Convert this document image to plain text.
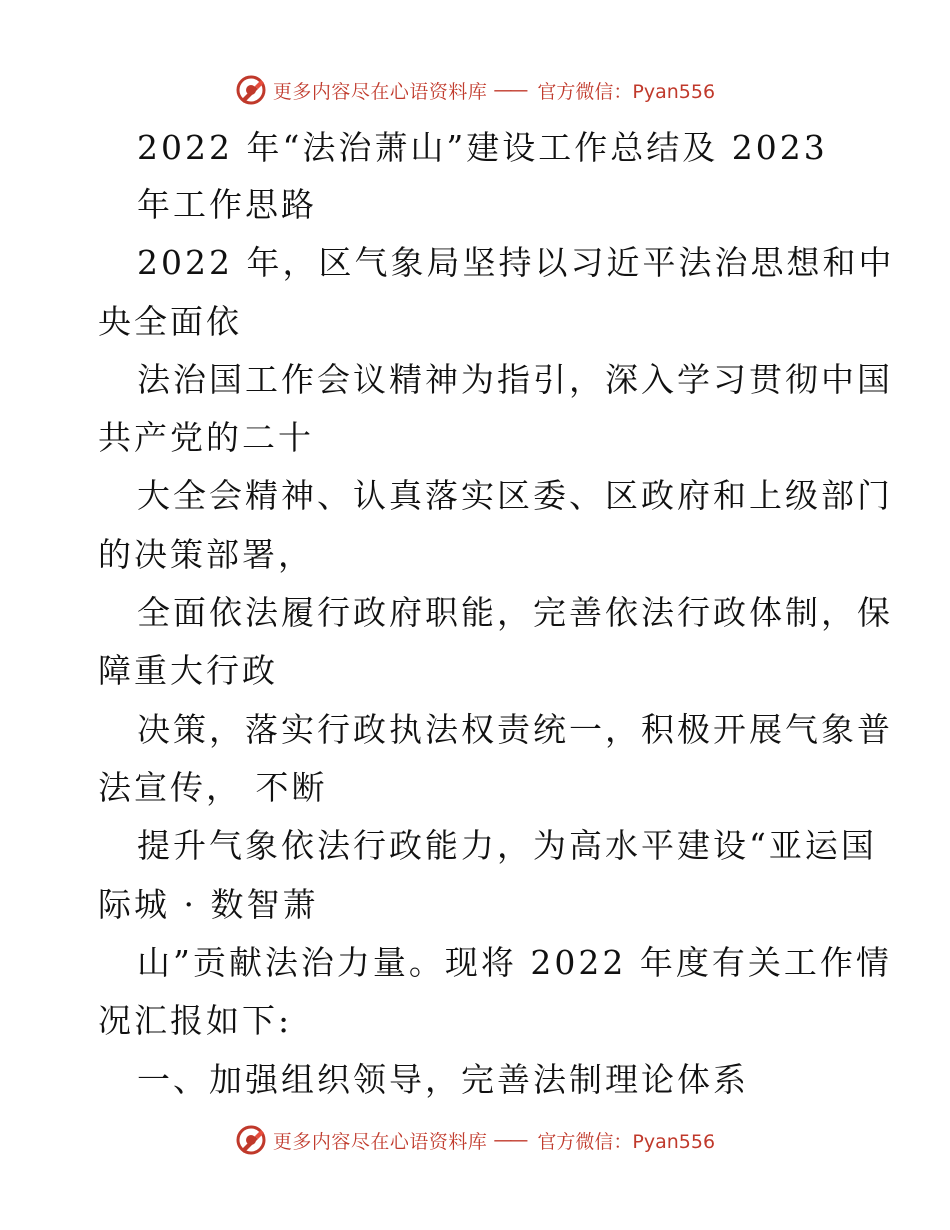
更多内容尽在心语资料库 —— 官方微信：Pyan556
2022 年“法治萧山”建设工作总结及 2023
年工作思路
2022 年，区气象局坚持以习近平法治思想和中
央全面依
法治国工作会议精神为指引，深入学习贯彻中国
共产党的二十
大全会精神、认真落实区委、区政府和上级部门
的决策部署，
全面依法履行政府职能，完善依法行政体制，保
障重大行政
决策，落实行政执法权责统一，积极开展气象普
法宣传， 不断
提升气象依法行政能力，为高水平建设“亚运国
际城 · 数智萧
山”贡献法治力量。现将 2022 年度有关工作情
况汇报如下:
一、加强组织领导，完善法制理论体系
更多内容尽在心语资料库 —— 官方微信：Pyan556
